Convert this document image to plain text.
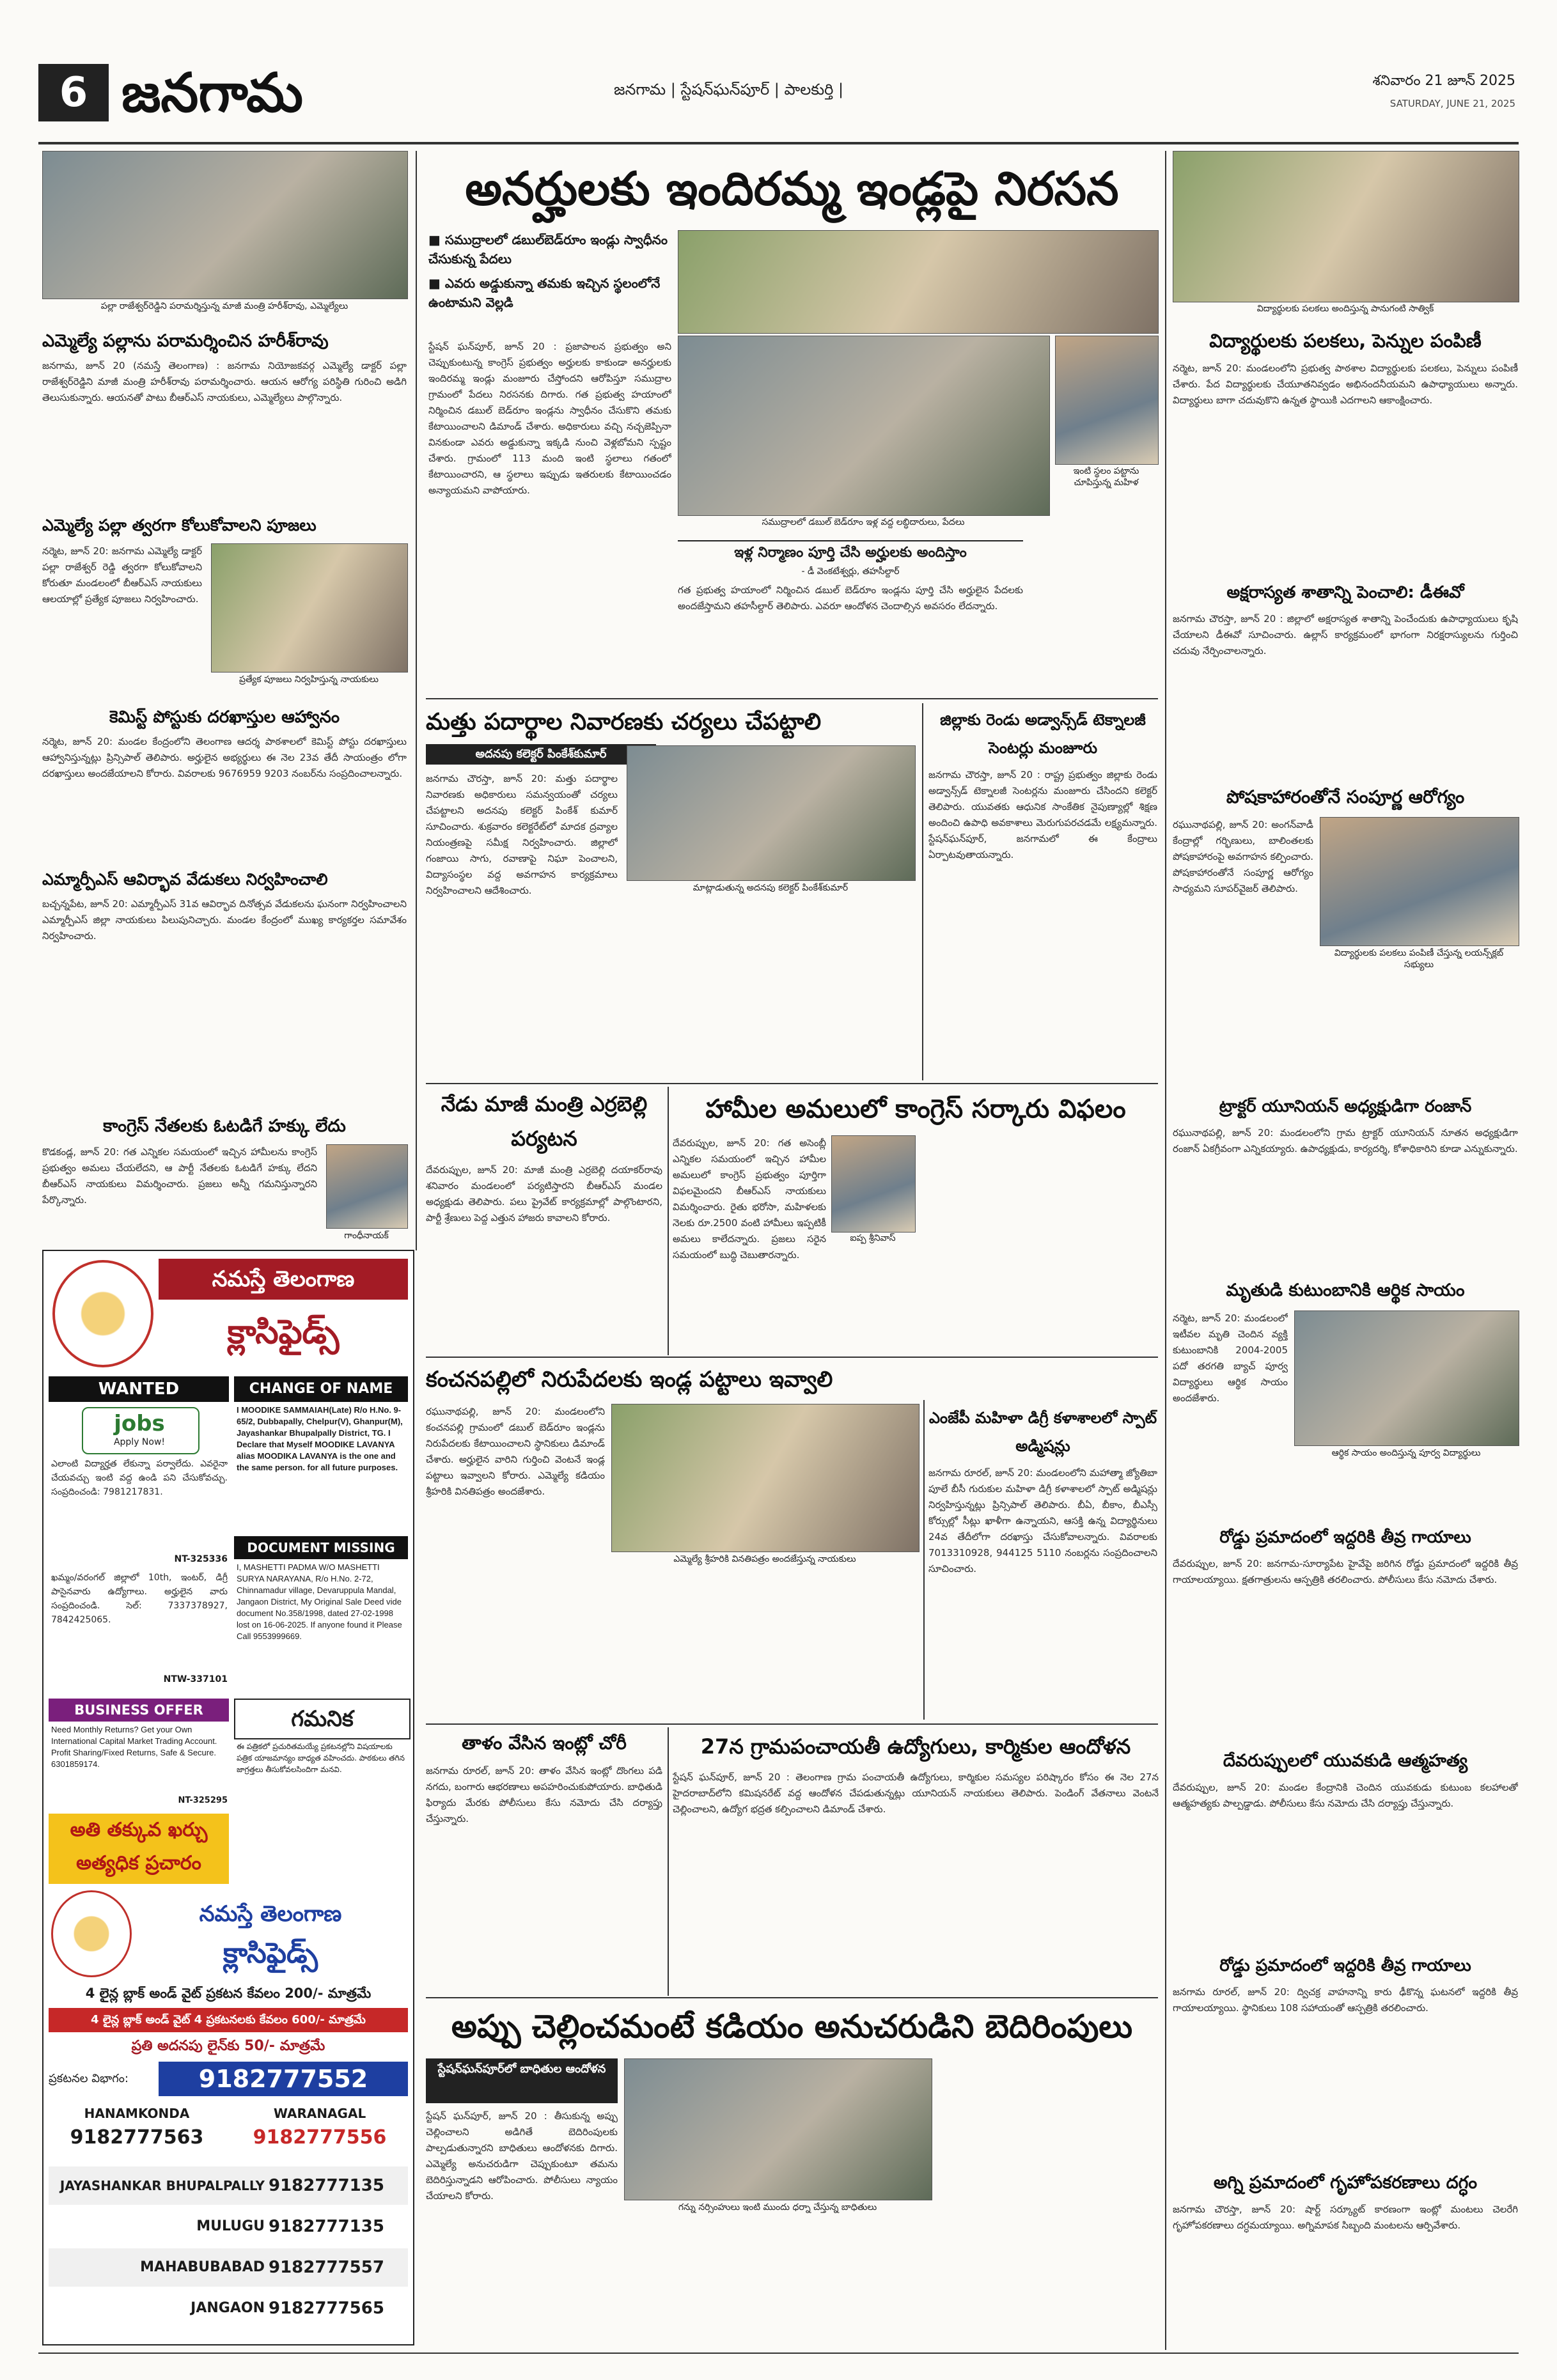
6 జనగామ	జనగామ | స్టేషన్‌ఘన్‌పూర్ | పాలకుర్తి |	శనివారం 21 జూన్ 2025
SATURDAY, JUNE 21, 2025
పల్లా రాజేశ్వర్‌రెడ్డిని పరామర్శిస్తున్న మాజీ మంత్రి హరీశ్‌రావు, ఎమ్మెల్యేలు
ఎమ్మెల్యే పల్లాను పరామర్శించిన హరీశ్‌రావు
జనగామ, జూన్ 20 (నమస్తే తెలంగాణ) : జనగామ నియోజకవర్గ ఎమ్మెల్యే డాక్టర్ పల్లా రాజేశ్వర్‌రెడ్డిని మాజీ మంత్రి హరీశ్‌రావు పరామర్శించారు. ఆయన ఆరోగ్య పరిస్థితి గురించి అడిగి తెలుసుకున్నారు. ఆయనతో పాటు బీఆర్‌ఎస్ నాయకులు, ఎమ్మెల్యేలు పాల్గొన్నారు.
ఎమ్మెల్యే పల్లా త్వరగా కోలుకోవాలని పూజలు
నర్మెట, జూన్ 20: జనగామ ఎమ్మెల్యే డాక్టర్ పల్లా రాజేశ్వర్ రెడ్డి త్వరగా కోలుకోవాలని కోరుతూ మండలంలో బీఆర్‌ఎస్ నాయకులు ఆలయాల్లో ప్రత్యేక పూజలు నిర్వహించారు.
ప్రత్యేక పూజలు నిర్వహిస్తున్న నాయకులు
కెమిస్ట్ పోస్టుకు దరఖాస్తుల ఆహ్వానం
నర్మెట, జూన్ 20: మండల కేంద్రంలోని తెలంగాణ ఆదర్శ పాఠశాలలో కెమిస్ట్ పోస్టు దరఖాస్తులు ఆహ్వానిస్తున్నట్లు ప్రిన్సిపాల్ తెలిపారు. అర్హులైన అభ్యర్థులు ఈ నెల 23వ తేదీ సాయంత్రం లోగా దరఖాస్తులు అందజేయాలని కోరారు. వివరాలకు 9676959 9203 నంబర్‌ను సంప్రదించాలన్నారు.
ఎమ్మార్పీఎస్ ఆవిర్భావ వేడుకలు నిర్వహించాలి
బచ్చన్నపేట, జూన్ 20: ఎమ్మార్పీఎస్ 31వ ఆవిర్భావ దినోత్సవ వేడుకలను ఘనంగా నిర్వహించాలని ఎమ్మార్పీఎస్ జిల్లా నాయకులు పిలుపునిచ్చారు. మండల కేంద్రంలో ముఖ్య కార్యకర్తల సమావేశం నిర్వహించారు.
కాంగ్రెస్ నేతలకు ఓటడిగే హక్కు లేదు
కొడకండ్ల, జూన్ 20: గత ఎన్నికల సమయంలో ఇచ్చిన హామీలను కాంగ్రెస్ ప్రభుత్వం అమలు చేయలేదని, ఆ పార్టీ నేతలకు ఓటడిగే హక్కు లేదని బీఆర్‌ఎస్ నాయకులు విమర్శించారు. ప్రజలు అన్నీ గమనిస్తున్నారని పేర్కొన్నారు.
గాంధీనాయక్
నమస్తే తెలంగాణ
క్లాసిఫైడ్స్
WANTED
jobs
Apply Now!
ఎలాంటి విద్యార్హత లేకున్నా పర్వాలేదు. ఎవరైనా చేయవచ్చు ఇంటి వద్ద ఉండి పని చేసుకోవచ్చు. సంప్రదించండి: 7981217831.
NT-325336
ఖమ్మం/వరంగల్ జిల్లాలో 10th, ఇంటర్, డిగ్రీ పాసైనవారు ఉద్యోగాలు. అర్హులైన వారు సంప్రదించండి. సెల్: 7337378927, 7842425065.
NTW-337101
CHANGE OF NAME
I MOODIKE SAMMAIAH(Late) R/o H.No. 9-65/2, Dubbapally, Chelpur(V), Ghanpur(M), Jayashankar Bhupalpally District, TG. I Declare that Myself MOODIKE LAVANYA alias MOODIKA LAVANYA is the one and the same person. for all future purposes.
DOCUMENT MISSING
I, MASHETTI PADMA W/O MASHETTI SURYA NARAYANA, R/o H.No. 2-72, Chinnamadur village, Devaruppula Mandal, Jangaon District, My Original Sale Deed vide document No.358/1998, dated 27-02-1998 lost on 16-06-2025. If anyone found it Please Call 9553999669.
BUSINESS OFFER
Need Monthly Returns? Get your Own International Capital Market Trading Account. Profit Sharing/Fixed Returns, Safe & Secure. 6301859174.
NT-325295
గమనిక
ఈ పత్రికలో ప్రచురితమయ్యే ప్రకటనల్లోని విషయాలకు పత్రిక యాజమాన్యం బాధ్యత వహించదు. పాఠకులు తగిన జాగ్రత్తలు తీసుకోవలసిందిగా మనవి.
అతి తక్కువ ఖర్చు అత్యధిక ప్రచారం
నమస్తే తెలంగాణ
క్లాసిఫైడ్స్
4 లైన్ల బ్లాక్ అండ్ వైట్ ప్రకటన కేవలం 200/- మాత్రమే
4 లైన్ల బ్లాక్ అండ్ వైట్ 4 ప్రకటనలకు కేవలం 600/- మాత్రమే
ప్రతి అదనపు లైన్‌కు 50/- మాత్రమే
ప్రకటనల విభాగం:	9182777552
HANAMKONDA
9182777563
WARANAGAL
9182777556
JAYASHANKAR BHUPALPALLY 9182777135
MULUGU 9182777135
MAHABUBABAD 9182777557
JANGAON 9182777565
అనర్హులకు ఇందిరమ్మ ఇండ్లపై నిరసన
■ సముద్రాలలో డబుల్‌బెడ్‌రూం ఇండ్లు స్వాధీనం చేసుకున్న పేదలు
■ ఎవరు అడ్డుకున్నా తమకు ఇచ్చిన స్థలంలోనే ఉంటామని వెల్లడి
స్టేషన్ ఘన్‌పూర్, జూన్ 20 : ప్రజాపాలన ప్రభుత్వం అని చెప్పుకుంటున్న కాంగ్రెస్ ప్రభుత్వం అర్హులకు కాకుండా అనర్హులకు ఇందిరమ్మ ఇండ్లు మంజూరు చేస్తోందని ఆరోపిస్తూ సముద్రాల గ్రామంలో పేదలు నిరసనకు దిగారు. గత ప్రభుత్వ హయాంలో నిర్మించిన డబుల్ బెడ్‌రూం ఇండ్లను స్వాధీనం చేసుకొని తమకు కేటాయించాలని డిమాండ్ చేశారు. అధికారులు వచ్చి నచ్చజెప్పినా వినకుండా ఎవరు అడ్డుకున్నా ఇక్కడి నుంచి వెళ్లబోమని స్పష్టం చేశారు. గ్రామంలో 113 మంది ఇంటి స్థలాలు గతంలో కేటాయించారని, ఆ స్థలాలు ఇప్పుడు ఇతరులకు కేటాయించడం అన్యాయమని వాపోయారు.
సముద్రాలలో డబుల్ బెడ్‌రూం ఇళ్ల వద్ద లబ్ధిదారులు, పేదలు
ఇంటి స్థలం పట్టాను చూపిస్తున్న మహిళ
ఇళ్ల నిర్మాణం పూర్తి చేసి అర్హులకు అందిస్తాం
- డీ వెంకటేశ్వర్లు, తహసీల్దార్
గత ప్రభుత్వ హయాంలో నిర్మించిన డబుల్ బెడ్‌రూం ఇండ్లను పూర్తి చేసి అర్హులైన పేదలకు అందజేస్తామని తహసీల్దార్ తెలిపారు. ఎవరూ ఆందోళన చెందాల్సిన అవసరం లేదన్నారు.
మత్తు పదార్థాల నివారణకు చర్యలు చేపట్టాలి
అదనపు కలెక్టర్ పింకేశ్‌కుమార్
జనగామ చౌరస్తా, జూన్ 20: మత్తు పదార్థాల నివారణకు అధికారులు సమన్వయంతో చర్యలు చేపట్టాలని అదనపు కలెక్టర్ పింకేశ్ కుమార్ సూచించారు. శుక్రవారం కలెక్టరేట్‌లో మాదక ద్రవ్యాల నియంత్రణపై సమీక్ష నిర్వహించారు. జిల్లాలో గంజాయి సాగు, రవాణాపై నిఘా పెంచాలని, విద్యాసంస్థల వద్ద అవగాహన కార్యక్రమాలు నిర్వహించాలని ఆదేశించారు.	మాట్లాడుతున్న అదనపు కలెక్టర్ పింకేశ్‌కుమార్
జిల్లాకు రెండు అడ్వాన్స్‌డ్ టెక్నాలజీ సెంటర్లు మంజూరు
జనగామ చౌరస్తా, జూన్ 20 : రాష్ట్ర ప్రభుత్వం జిల్లాకు రెండు అడ్వాన్స్‌డ్ టెక్నాలజీ సెంటర్లను మంజూరు చేసిందని కలెక్టర్ తెలిపారు. యువతకు ఆధునిక సాంకేతిక నైపుణ్యాల్లో శిక్షణ అందించి ఉపాధి అవకాశాలు మెరుగుపరచడమే లక్ష్యమన్నారు. స్టేషన్‌ఘన్‌పూర్, జనగామలో ఈ కేంద్రాలు ఏర్పాటవుతాయన్నారు.
నేడు మాజీ మంత్రి ఎర్రబెల్లి పర్యటన
దేవరుప్పుల, జూన్ 20: మాజీ మంత్రి ఎర్రబెల్లి దయాకర్‌రావు శనివారం మండలంలో పర్యటిస్తారని బీఆర్‌ఎస్ మండల అధ్యక్షుడు తెలిపారు. పలు ప్రైవేట్ కార్యక్రమాల్లో పాల్గొంటారని, పార్టీ శ్రేణులు పెద్ద ఎత్తున హాజరు కావాలని కోరారు.
హామీల అమలులో కాంగ్రెస్ సర్కారు విఫలం
దేవరుప్పుల, జూన్ 20: గత అసెంబ్లీ ఎన్నికల సమయంలో ఇచ్చిన హామీల అమలులో కాంగ్రెస్ ప్రభుత్వం పూర్తిగా విఫలమైందని బీఆర్‌ఎస్ నాయకులు విమర్శించారు. రైతు భరోసా, మహిళలకు నెలకు రూ.2500 వంటి హామీలు ఇప్పటికీ అమలు కాలేదన్నారు. ప్రజలు సరైన సమయంలో బుద్ధి చెబుతారన్నారు.
ఐప్ప శ్రీనివాస్
కంచనపల్లిలో నిరుపేదలకు ఇండ్ల పట్టాలు ఇవ్వాలి
రఘునాథపల్లి, జూన్ 20: మండలంలోని కంచనపల్లి గ్రామంలో డబుల్ బెడ్‌రూం ఇండ్లను నిరుపేదలకు కేటాయించాలని స్థానికులు డిమాండ్ చేశారు. అర్హులైన వారిని గుర్తించి వెంటనే ఇండ్ల పట్టాలు ఇవ్వాలని కోరారు. ఎమ్మెల్యే కడియం శ్రీహరికి వినతిపత్రం అందజేశారు.
ఎమ్మెల్యే శ్రీహరికి వినతిపత్రం అందజేస్తున్న నాయకులు
ఎంజేపీ మహిళా డిగ్రీ కళాశాలలో స్పాట్ అడ్మిషన్లు
జనగామ రూరల్, జూన్ 20: మండలంలోని మహాత్మా జ్యోతిబా పూలే బీసీ గురుకుల మహిళా డిగ్రీ కళాశాలలో స్పాట్ అడ్మిషన్లు నిర్వహిస్తున్నట్లు ప్రిన్సిపాల్ తెలిపారు. బీఏ, బీకాం, బీఎస్సీ కోర్సుల్లో సీట్లు ఖాళీగా ఉన్నాయని, ఆసక్తి ఉన్న విద్యార్థినులు 24వ తేదీలోగా దరఖాస్తు చేసుకోవాలన్నారు. వివరాలకు 7013310928, 944125 5110 నంబర్లను సంప్రదించాలని సూచించారు.
తాళం వేసిన ఇంట్లో చోరీ
జనగామ రూరల్, జూన్ 20: తాళం వేసిన ఇంట్లో దొంగలు పడి నగదు, బంగారు ఆభరణాలు అపహరించుకుపోయారు. బాధితుడి ఫిర్యాదు మేరకు పోలీసులు కేసు నమోదు చేసి దర్యాప్తు చేస్తున్నారు.
27న గ్రామపంచాయతీ ఉద్యోగులు, కార్మికుల ఆందోళన
స్టేషన్ ఘన్‌పూర్, జూన్ 20 : తెలంగాణ గ్రామ పంచాయతీ ఉద్యోగులు, కార్మికుల సమస్యల పరిష్కారం కోసం ఈ నెల 27న హైదరాబాద్‌లోని కమిషనరేట్ వద్ద ఆందోళన చేపడుతున్నట్లు యూనియన్ నాయకులు తెలిపారు. పెండింగ్ వేతనాలు వెంటనే చెల్లించాలని, ఉద్యోగ భద్రత కల్పించాలని డిమాండ్ చేశారు.
అప్పు చెల్లించమంటే కడియం అనుచరుడిని బెదిరింపులు
స్టేషన్‌ఘన్‌పూర్‌లో బాధితుల ఆందోళన
స్టేషన్ ఘన్‌పూర్, జూన్ 20 : తీసుకున్న అప్పు చెల్లించాలని అడిగితే బెదిరింపులకు పాల్పడుతున్నారని బాధితులు ఆందోళనకు దిగారు. ఎమ్మెల్యే అనుచరుడిగా చెప్పుకుంటూ తమను బెదిరిస్తున్నాడని ఆరోపించారు. పోలీసులు న్యాయం చేయాలని కోరారు.
గన్ను నర్సింహులు ఇంటి ముందు ధర్నా చేస్తున్న బాధితులు
విద్యార్థులకు పలకలు అందిస్తున్న పానుగంటి సాత్విక్
విద్యార్థులకు పలకలు, పెన్నుల పంపిణీ
నర్మెట, జూన్ 20: మండలంలోని ప్రభుత్వ పాఠశాల విద్యార్థులకు పలకలు, పెన్నులు పంపిణీ చేశారు. పేద విద్యార్థులకు చేయూతనివ్వడం అభినందనీయమని ఉపాధ్యాయులు అన్నారు. విద్యార్థులు బాగా చదువుకొని ఉన్నత స్థాయికి ఎదగాలని ఆకాంక్షించారు.
అక్షరాస్యత శాతాన్ని పెంచాలి: డీఈవో
జనగామ చౌరస్తా, జూన్ 20 : జిల్లాలో అక్షరాస్యత శాతాన్ని పెంచేందుకు ఉపాధ్యాయులు కృషి చేయాలని డీఈవో సూచించారు. ఉల్లాస్ కార్యక్రమంలో భాగంగా నిరక్షరాస్యులను గుర్తించి చదువు నేర్పించాలన్నారు.
పోషకాహారంతోనే సంపూర్ణ ఆరోగ్యం
రఘునాథపల్లి, జూన్ 20: అంగన్‌వాడీ కేంద్రాల్లో గర్భిణులు, బాలింతలకు పోషకాహారంపై అవగాహన కల్పించారు. పోషకాహారంతోనే సంపూర్ణ ఆరోగ్యం సాధ్యమని సూపర్‌వైజర్ తెలిపారు.
విద్యార్థులకు పలకలు పంపిణీ చేస్తున్న లయన్స్‌క్లబ్ సభ్యులు
ట్రాక్టర్ యూనియన్ అధ్యక్షుడిగా రంజాన్
రఘునాథపల్లి, జూన్ 20: మండలంలోని గ్రామ ట్రాక్టర్ యూనియన్ నూతన అధ్యక్షుడిగా రంజాన్ ఏకగ్రీవంగా ఎన్నికయ్యారు. ఉపాధ్యక్షుడు, కార్యదర్శి, కోశాధికారిని కూడా ఎన్నుకున్నారు.
మృతుడి కుటుంబానికి ఆర్థిక సాయం
నర్మెట, జూన్ 20: మండలంలో ఇటీవల మృతి చెందిన వ్యక్తి కుటుంబానికి 2004-2005 పదో తరగతి బ్యాచ్ పూర్వ విద్యార్థులు ఆర్థిక సాయం అందజేశారు.
ఆర్థిక సాయం అందిస్తున్న పూర్వ విద్యార్థులు
రోడ్డు ప్రమాదంలో ఇద్దరికి తీవ్ర గాయాలు
దేవరుప్పుల, జూన్ 20: జనగామ-సూర్యాపేట హైవేపై జరిగిన రోడ్డు ప్రమాదంలో ఇద్దరికి తీవ్ర గాయాలయ్యాయి. క్షతగాత్రులను ఆస్పత్రికి తరలించారు. పోలీసులు కేసు నమోదు చేశారు.
దేవరుప్పులలో యువకుడి ఆత్మహత్య
దేవరుప్పుల, జూన్ 20: మండల కేంద్రానికి చెందిన యువకుడు కుటుంబ కలహాలతో ఆత్మహత్యకు పాల్పడ్డాడు. పోలీసులు కేసు నమోదు చేసి దర్యాప్తు చేస్తున్నారు.
రోడ్డు ప్రమాదంలో ఇద్దరికి తీవ్ర గాయాలు
జనగామ రూరల్, జూన్ 20: ద్విచక్ర వాహనాన్ని కారు ఢీకొన్న ఘటనలో ఇద్దరికి తీవ్ర గాయాలయ్యాయి. స్థానికులు 108 సహాయంతో ఆస్పత్రికి తరలించారు.
అగ్ని ప్రమాదంలో గృహోపకరణాలు దగ్ధం
జనగామ చౌరస్తా, జూన్ 20: షార్ట్ సర్క్యూట్ కారణంగా ఇంట్లో మంటలు చెలరేగి గృహోపకరణాలు దగ్ధమయ్యాయి. అగ్నిమాపక సిబ్బంది మంటలను ఆర్పివేశారు.
